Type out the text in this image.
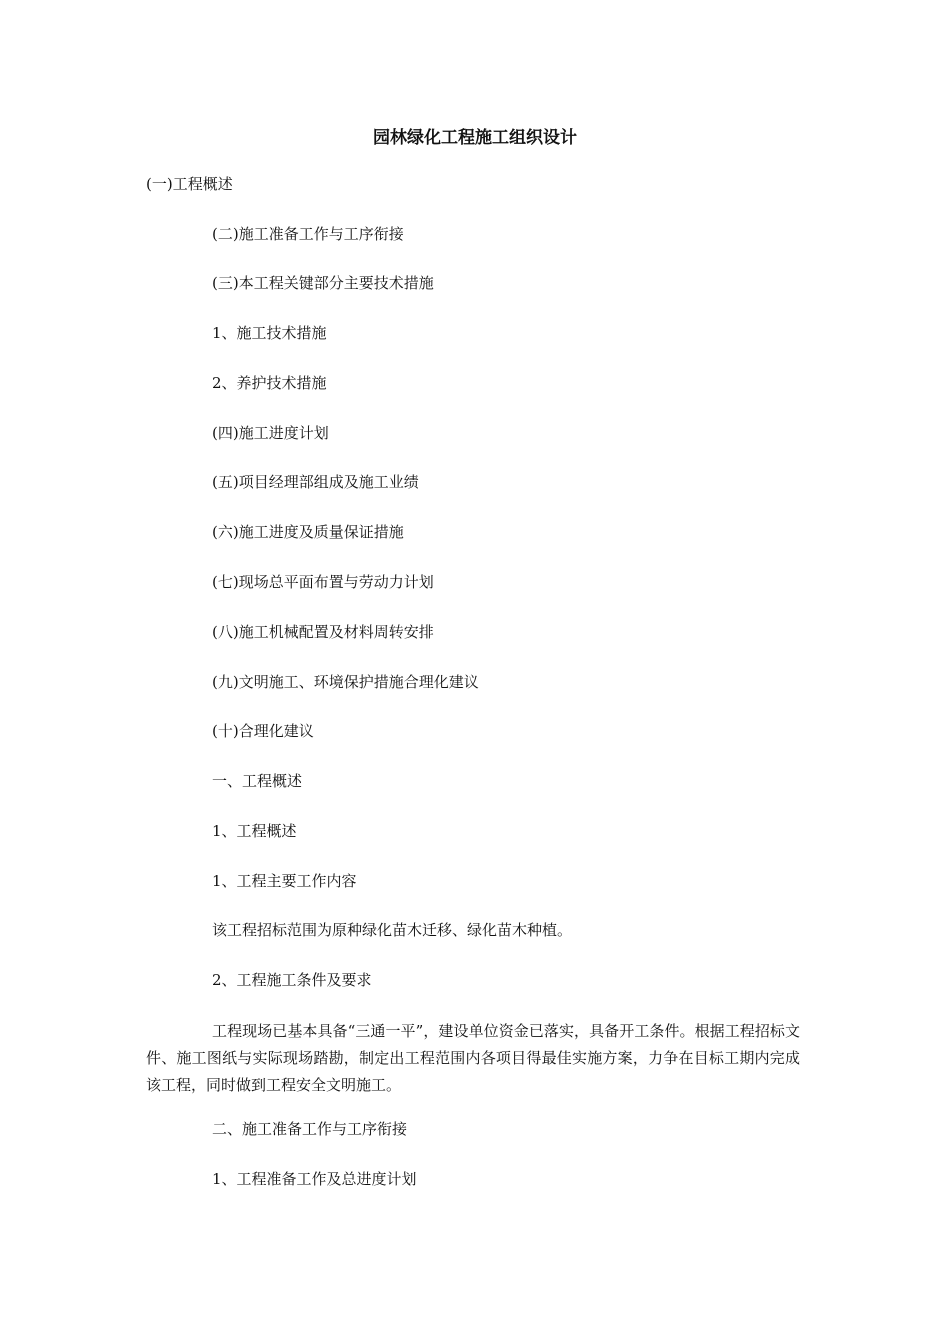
园林绿化工程施工组织设计
(一)工程概述
(二)施工准备工作与工序衔接
(三)本工程关键部分主要技术措施
1、施工技术措施
2、养护技术措施
(四)施工进度计划
(五)项目经理部组成及施工业绩
(六)施工进度及质量保证措施
(七)现场总平面布置与劳动力计划
(八)施工机械配置及材料周转安排
(九)文明施工、环境保护措施合理化建议
(十)合理化建议
一、工程概述
1、工程概述
1、工程主要工作内容
该工程招标范围为原种绿化苗木迁移、绿化苗木种植。
2、工程施工条件及要求
工程现场已基本具备“三通一平”，建设单位资金已落实，具备开工条件。根据工程招标文件、施工图纸与实际现场踏勘，制定出工程范围内各项目得最佳实施方案，力争在目标工期内完成该工程，同时做到工程安全文明施工。
二、施工准备工作与工序衔接
1、工程准备工作及总进度计划
